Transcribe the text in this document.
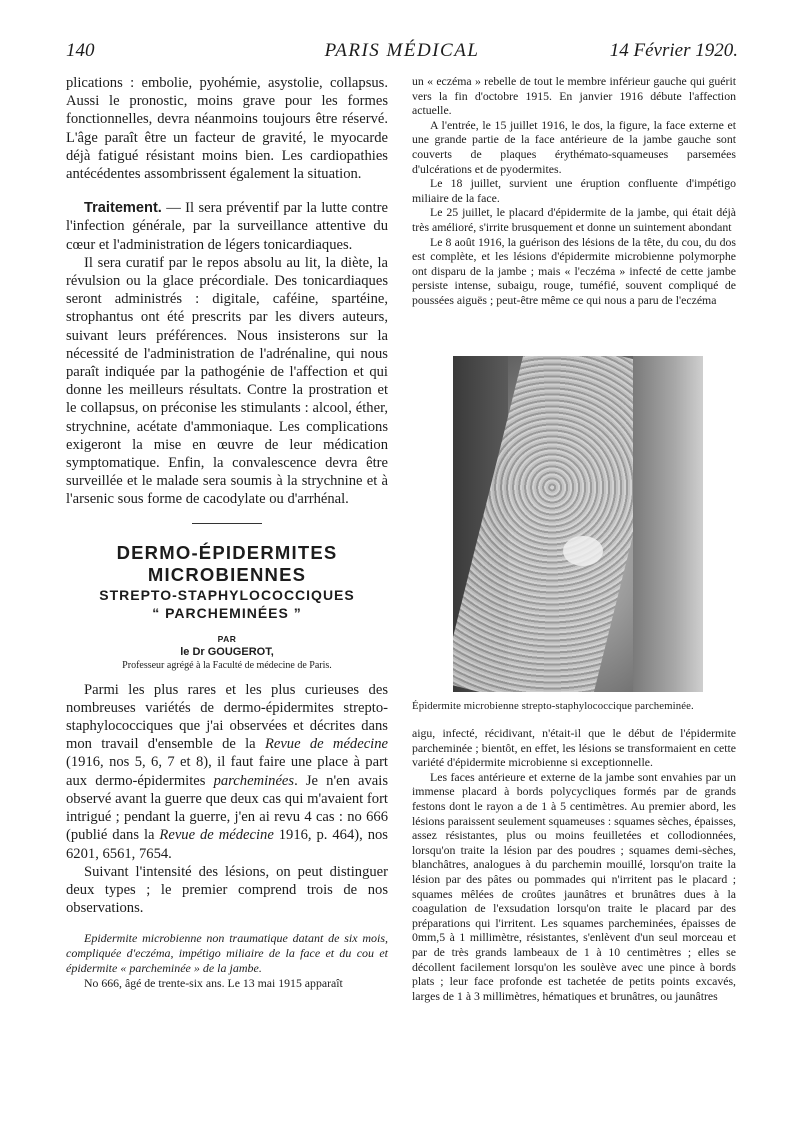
140	PARIS MÉDICAL	14 Février 1920.

plications : embolie, pyohémie, asystolie, collapsus. Aussi le pronostic, moins grave pour les formes fonctionnelles, devra néanmoins toujours être réservé. L'âge paraît être un facteur de gravité, le myocarde déjà fatigué résistant moins bien. Les cardiopathies antécédentes assombrissent également la situation.

Traitement. — Il sera préventif par la lutte contre l'infection générale, par la surveillance attentive du cœur et l'administration de légers tonicardiaques.

Il sera curatif par le repos absolu au lit, la diète, la révulsion ou la glace précordiale. Des tonicardiaques seront administrés : digitale, caféine, spartéine, strophantus ont été prescrits par les divers auteurs, suivant leurs préférences. Nous insisterons sur la nécessité de l'administration de l'adrénaline, qui nous paraît indiquée par la pathogénie de l'affection et qui donne les meilleurs résultats. Contre la prostration et le collapsus, on préconise les stimulants : alcool, éther, strychnine, acétate d'ammoniaque. Les complications exigeront la mise en œuvre de leur médication symptomatique. Enfin, la convalescence devra être surveillée et le malade sera soumis à la strychnine et à l'arsenic sous forme de cacodylate ou d'arrhénal.

DERMO-ÉPIDERMITES
MICROBIENNES
STREPTO-STAPHYLOCOCCIQUES
“ PARCHEMINÉES ”
PAR
le Dr GOUGEROT,
Professeur agrégé à la Faculté de médecine de Paris.

Parmi les plus rares et les plus curieuses des nombreuses variétés de dermo-épidermites strepto-staphylococciques que j'ai observées et décrites dans mon travail d'ensemble de la Revue de médecine (1916, nos 5, 6, 7 et 8), il faut faire une place à part aux dermo-épidermites parcheminées. Je n'en avais observé avant la guerre que deux cas qui m'avaient fort intrigué ; pendant la guerre, j'en ai revu 4 cas : no 666 (publié dans la Revue de médecine 1916, p. 464), nos 6201, 6561, 7654.

Suivant l'intensité des lésions, on peut distinguer deux types ; le premier comprend trois de nos observations.

Epidermite microbienne non traumatique datant de six mois, compliquée d'eczéma, impétigo miliaire de la face et du cou et épidermite « parcheminée » de la jambe.

No 666, âgé de trente-six ans. Le 13 mai 1915 apparaît

un « eczéma » rebelle de tout le membre inférieur gauche qui guérit vers la fin d'octobre 1915. En janvier 1916 débute l'affection actuelle.

A l'entrée, le 15 juillet 1916, le dos, la figure, la face externe et une grande partie de la face antérieure de la jambe gauche sont couverts de plaques érythémato-squameuses parsemées d'ulcérations et de pyodermites.

Le 18 juillet, survient une éruption confluente d'impétigo miliaire de la face.

Le 25 juillet, le placard d'épidermite de la jambe, qui était déjà très amélioré, s'irrite brusquement et donne un suintement abondant

Le 8 août 1916, la guérison des lésions de la tête, du cou, du dos est complète, et les lésions d'épidermite microbienne polymorphe ont disparu de la jambe ; mais « l'eczéma » infecté de cette jambe persiste intense, subaigu, rouge, tuméfié, souvent compliqué de poussées aiguës ; peut-être même ce qui nous a paru de l'eczéma

Épidermite microbienne strepto-staphylococcique parcheminée.

aigu, infecté, récidivant, n'était-il que le début de l'épidermite parcheminée ; bientôt, en effet, les lésions se transformaient en cette variété d'épidermite microbienne si exceptionnelle.

Les faces antérieure et externe de la jambe sont envahies par un immense placard à bords polycycliques formés par de grands festons dont le rayon a de 1 à 5 centimètres. Au premier abord, les lésions paraissent seulement squameuses : squames sèches, épaisses, assez résistantes, plus ou moins feuilletées et collodionnées, lorsqu'on traite la lésion par des poudres ; squames demi-sèches, blanchâtres, analogues à du parchemin mouillé, lorsqu'on traite la lésion par des pâtes ou pommades qui n'irritent pas le placard ; squames mêlées de croûtes jaunâtres et brunâtres dues à la coagulation de l'exsudation lorsqu'on traite le placard par des préparations qui l'irritent. Les squames parcheminées, épaisses de 0mm,5 à 1 millimètre, résistantes, s'enlèvent d'un seul morceau et par de très grands lambeaux de 1 à 10 centimètres ; elles se décollent facilement lorsqu'on les soulève avec une pince à bords plats ; leur face profonde est tachetée de petits points excavés, larges de 1 à 3 millimètres, hématiques et brunâtres, ou jaunâtres
